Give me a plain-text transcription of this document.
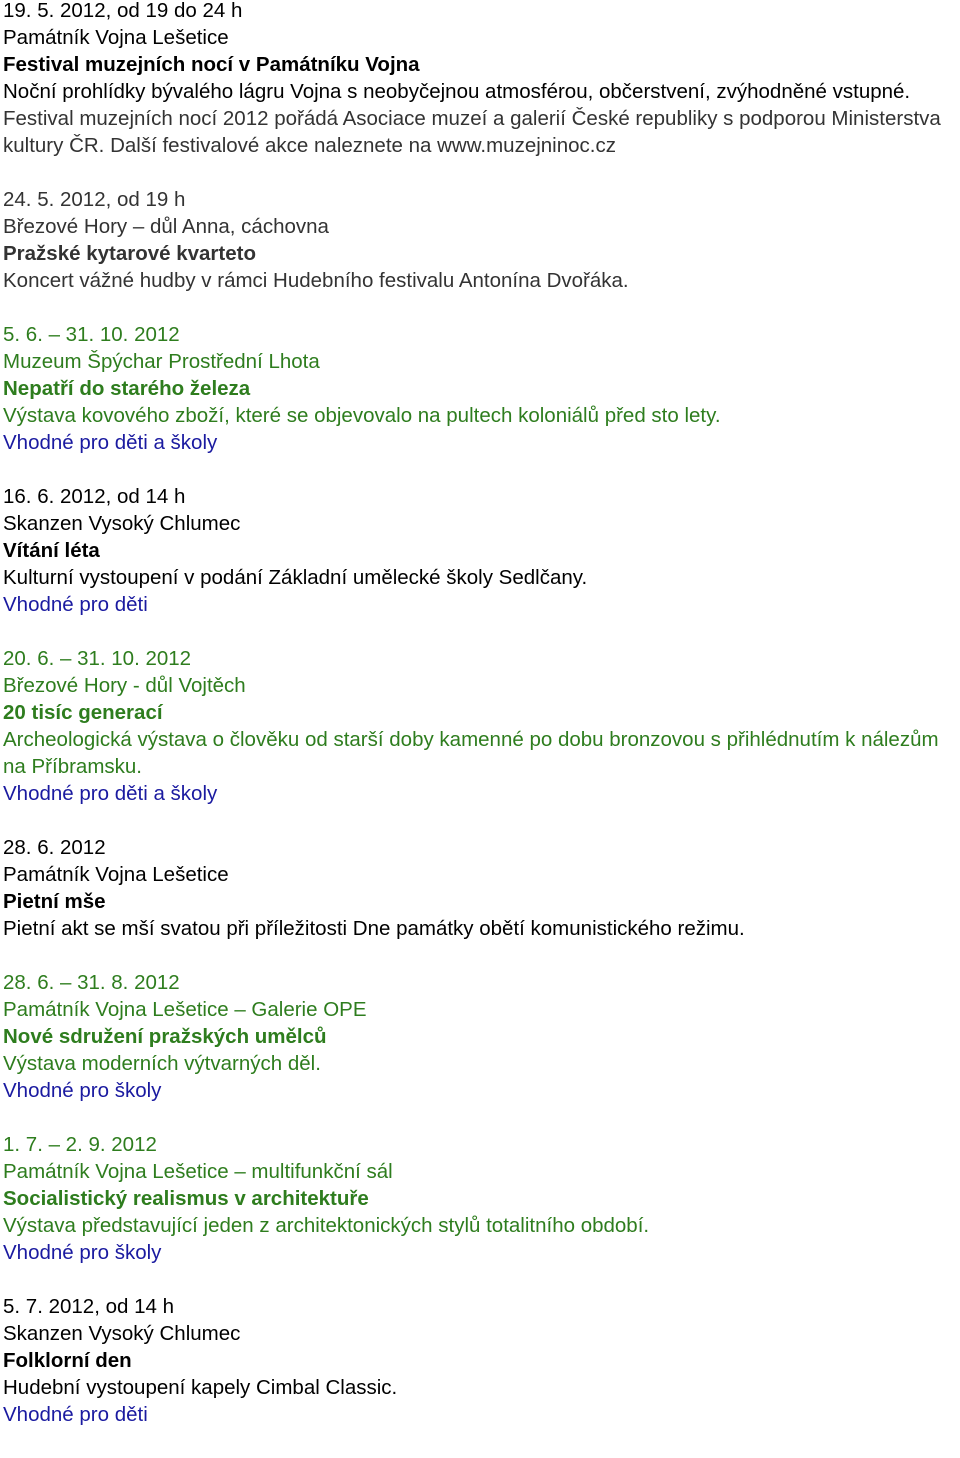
19. 5. 2012, od 19 do 24 h
Památník Vojna Lešetice
Festival muzejních nocí v Památníku Vojna
Noční prohlídky bývalého lágru Vojna s neobyčejnou atmosférou, občerstvení, zvýhodněné vstupné.
Festival muzejních nocí 2012 pořádá Asociace muzeí a galerií České republiky s podporou Ministerstva kultury ČR. Další festivalové akce naleznete na www.muzejninoc.cz
24. 5. 2012, od 19 h
Březové Hory – důl Anna, cáchovna
Pražské kytarové kvarteto
Koncert vážné hudby v rámci Hudebního festivalu Antonína Dvořáka.
5. 6. – 31. 10. 2012
Muzeum Špýchar Prostřední Lhota
Nepatří do starého železa
Výstava kovového zboží, které se objevovalo na pultech koloniálů před sto lety.
Vhodné pro děti a školy
16. 6. 2012, od 14 h
Skanzen Vysoký Chlumec
Vítání léta
Kulturní vystoupení v podání Základní umělecké školy Sedlčany.
Vhodné pro děti
20. 6. – 31. 10. 2012
Březové Hory - důl Vojtěch
20 tisíc generací
Archeologická výstava o člověku od starší doby kamenné po dobu bronzovou s přihlédnutím k nálezům na Příbramsku.
Vhodné pro děti a školy
28. 6. 2012
Památník Vojna Lešetice
Pietní mše
Pietní akt se mší svatou při příležitosti Dne památky obětí komunistického režimu.
28. 6. – 31. 8. 2012
Památník Vojna Lešetice – Galerie OPE
Nové sdružení pražských umělců
Výstava moderních výtvarných děl.
Vhodné pro školy
1. 7. – 2. 9. 2012
Památník Vojna Lešetice – multifunkční sál
Socialistický realismus v architektuře
Výstava představující jeden z architektonických stylů totalitního období.
Vhodné pro školy
5. 7. 2012, od 14 h
Skanzen Vysoký Chlumec
Folklorní den
Hudební vystoupení kapely Cimbal Classic.
Vhodné pro děti
